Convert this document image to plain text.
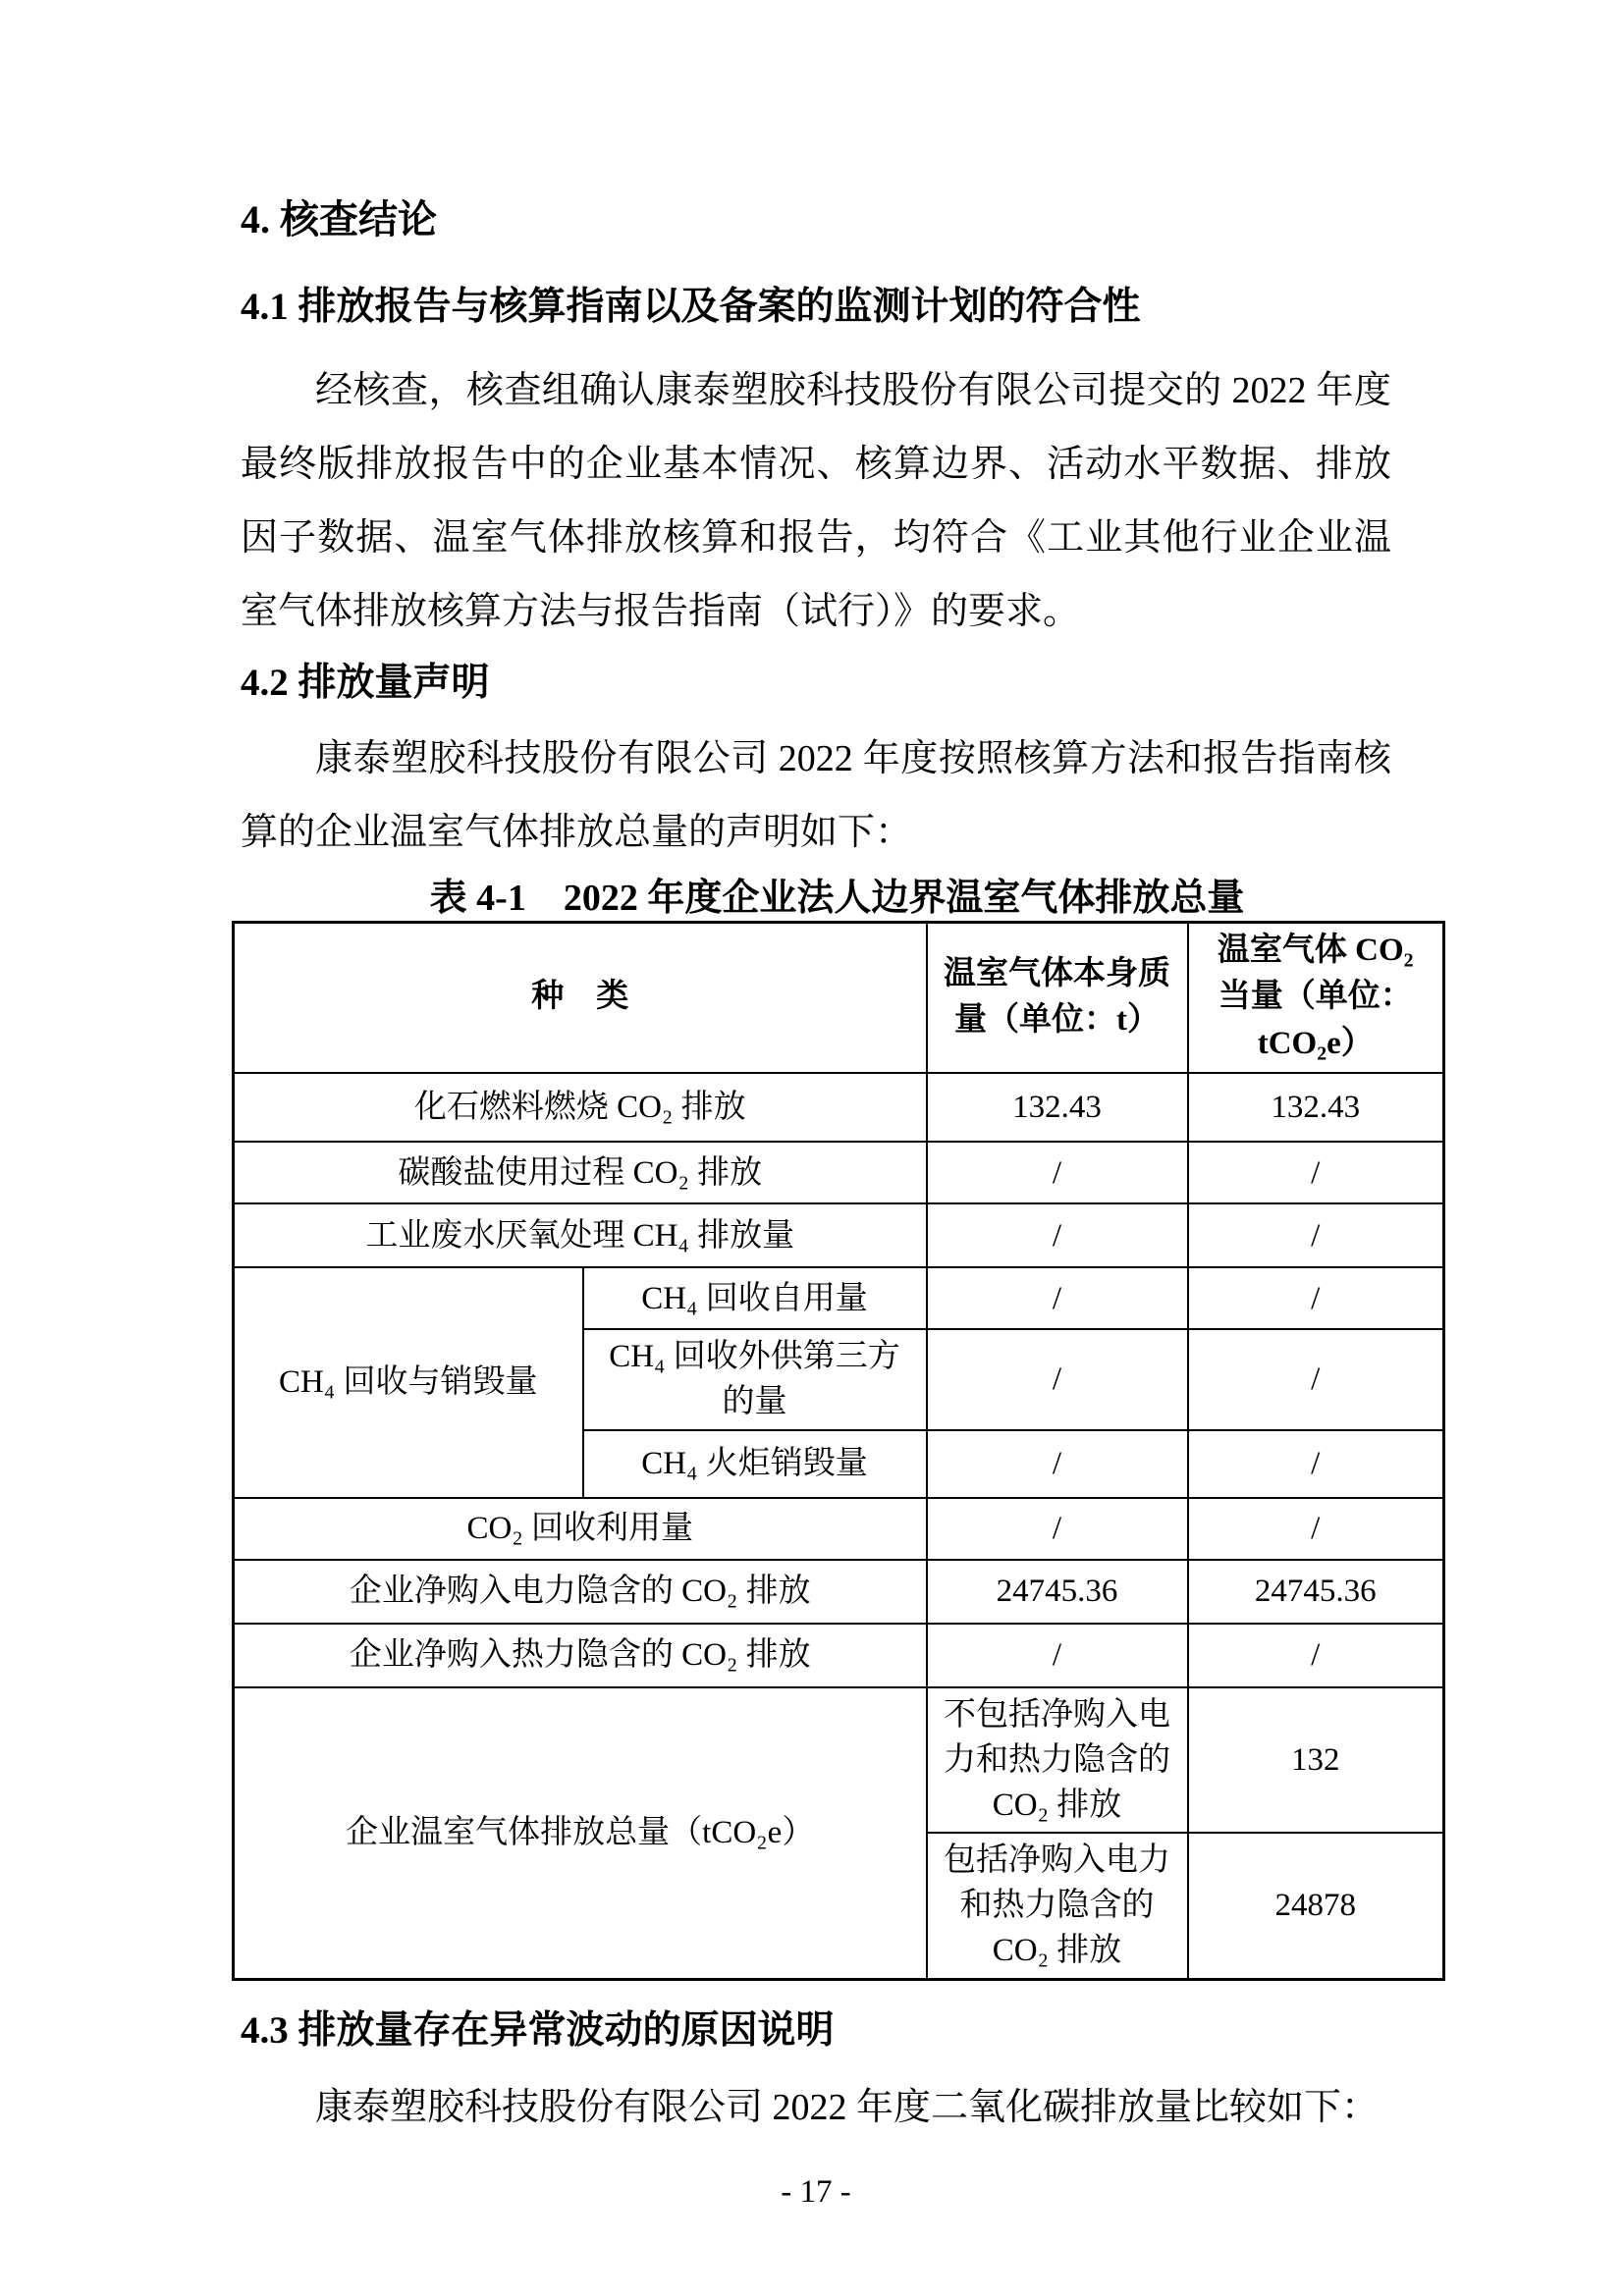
4. 核查结论
4.1 排放报告与核算指南以及备案的监测计划的符合性

经核查，核查组确认康泰塑胶科技股份有限公司提交的 2022 年度最终版排放报告中的企业基本情况、核算边界、活动水平数据、排放因子数据、温室气体排放核算和报告，均符合《工业其他行业企业温室气体排放核算方法与报告指南（试行）》的要求。

4.2 排放量声明

康泰塑胶科技股份有限公司 2022 年度按照核算方法和报告指南核算的企业温室气体排放总量的声明如下：

表 4-1　2022 年度企业法人边界温室气体排放总量
种　类		温室气体本身质量（单位：t）	温室气体 CO₂ 当量（单位：tCO₂e）
化石燃料燃烧 CO₂ 排放		132.43	132.43
碳酸盐使用过程 CO₂ 排放		/	/
工业废水厌氧处理 CH₄ 排放量		/	/
CH₄ 回收与销毁量	CH₄ 回收自用量	/	/
	CH₄ 回收外供第三方的量	/	/
	CH₄ 火炬销毁量	/	/
CO₂ 回收利用量		/	/
企业净购入电力隐含的 CO₂ 排放		24745.36	24745.36
企业净购入热力隐含的 CO₂ 排放		/	/
企业温室气体排放总量（tCO₂e）		不包括净购入电力和热力隐含的 CO₂ 排放	132
		包括净购入电力和热力隐含的 CO₂ 排放	24878
4.3 排放量存在异常波动的原因说明

康泰塑胶科技股份有限公司 2022 年度二氧化碳排放量比较如下：

- 17 -
